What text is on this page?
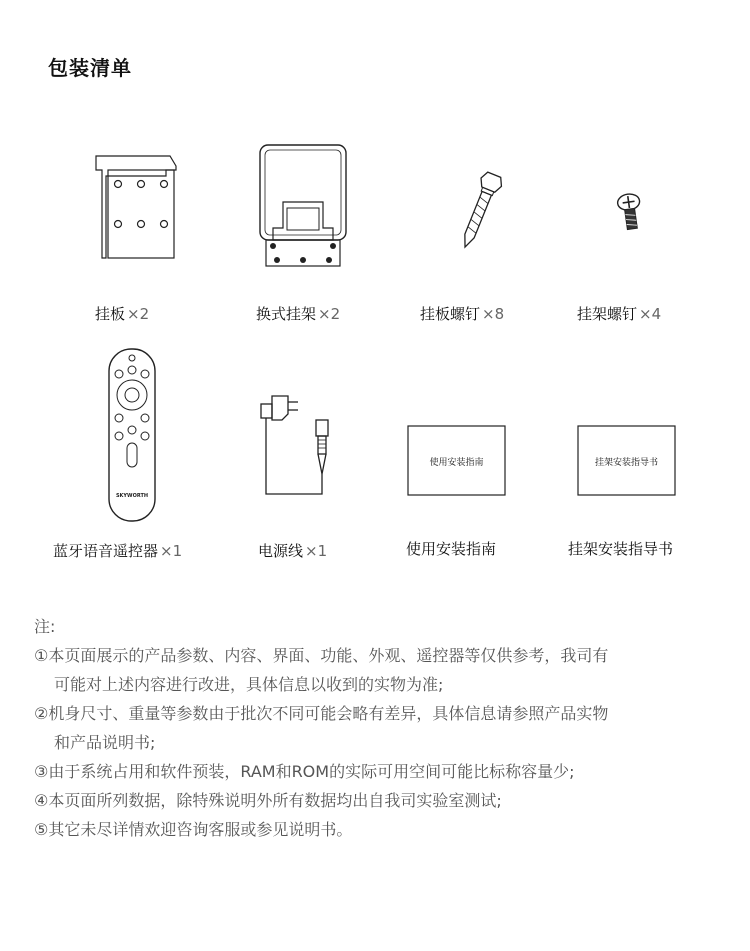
包装清单
挂板 ×2	换式挂架 ×2	挂板螺钉 ×8	挂架螺钉 ×4
SKYWORTH
使用安装指南	挂架安装指导书
蓝牙语音遥控器 ×1	电源线 ×1	使用安装指南	挂架安装指导书
注:
①本页面展示的产品参数、内容、界面、功能、外观、遥控器等仅供参考，我司有
可能对上述内容进行改进，具体信息以收到的实物为准;
②机身尺寸、重量等参数由于批次不同可能会略有差异，具体信息请参照产品实物
和产品说明书;
③由于系统占用和软件预装，RAM和ROM的实际可用空间可能比标称容量少;
④本页面所列数据，除特殊说明外所有数据均出自我司实验室测试;
⑤其它未尽详情欢迎咨询客服或参见说明书。
